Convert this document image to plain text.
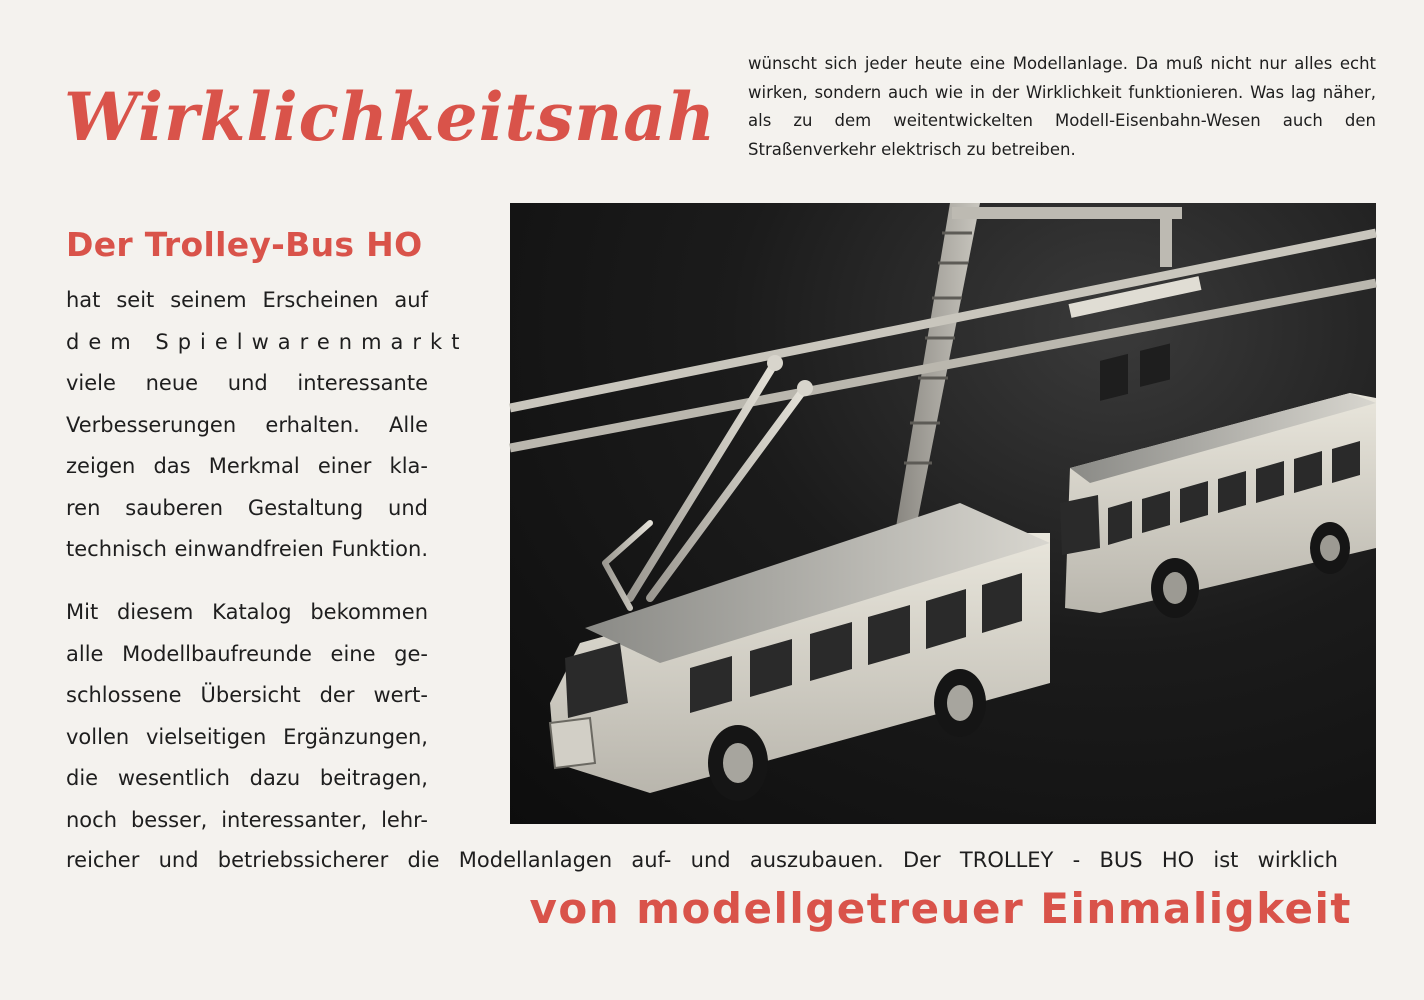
Wirklichkeitsnah

wünscht sich jeder heute eine Modellanlage. Da muß nicht nur alles echt wirken, sondern auch wie in der Wirklichkeit funktionieren. Was lag näher, als zu dem weitentwickelten Modell-Eisenbahn-Wesen auch den Straßenverkehr elektrisch zu betreiben.

Der Trolley-Bus HO

hat seit seinem Erscheinen auf
dem Spielwarenmarkt
viele neue und interessante
Verbesserungen erhalten. Alle
zeigen das Merkmal einer kla-
ren sauberen Gestaltung und
technisch einwandfreien Funktion.

Mit diesem Katalog bekommen
alle Modellbaufreunde eine ge-
schlossene Übersicht der wert-
vollen vielseitigen Ergänzungen,
die wesentlich dazu beitragen,
noch besser, interessanter, lehr-

reicher und betriebssicherer die Modellanlagen auf- und auszubauen. Der TROLLEY - BUS HO ist wirklich

von modellgetreuer Einmaligkeit
